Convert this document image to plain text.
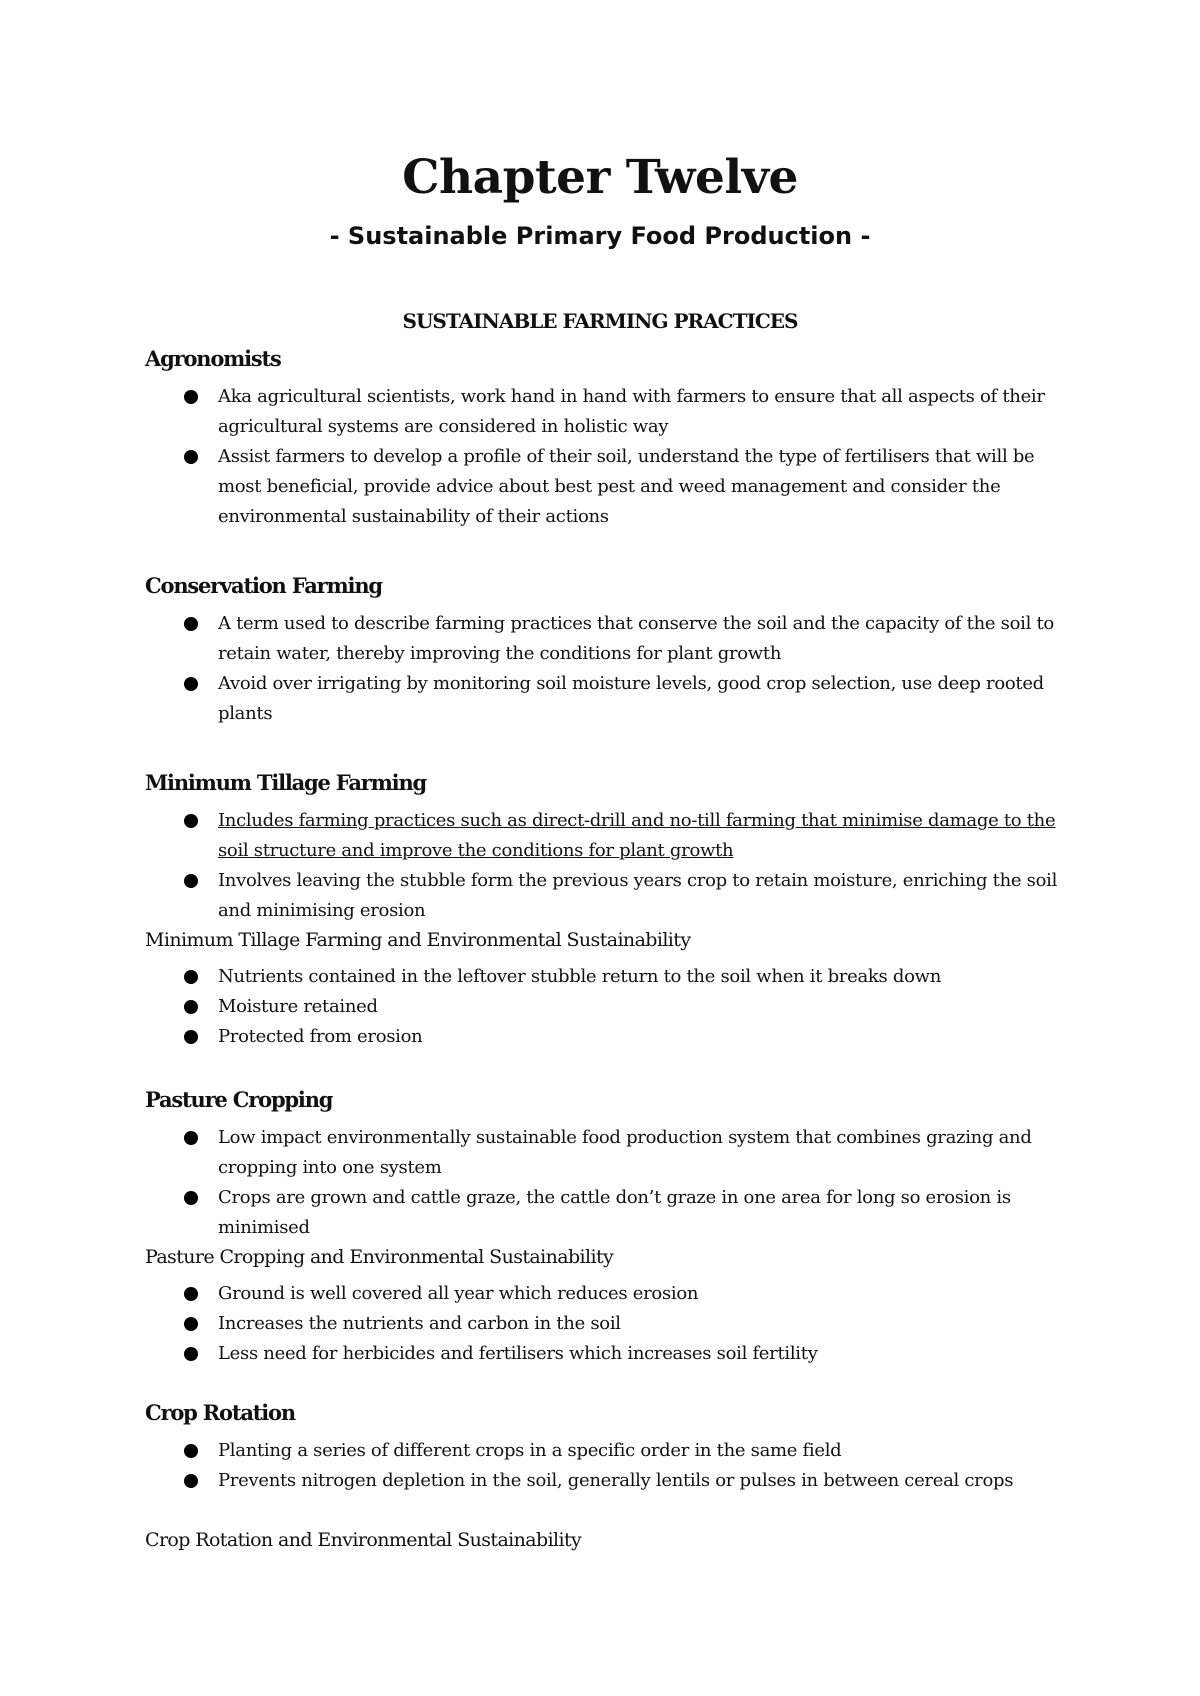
Chapter Twelve
- Sustainable Primary Food Production -
SUSTAINABLE FARMING PRACTICES
Agronomists
Aka agricultural scientists, work hand in hand with farmers to ensure that all aspects of their agricultural systems are considered in holistic way
Assist farmers to develop a profile of their soil, understand the type of fertilisers that will be most beneficial, provide advice about best pest and weed management and consider the environmental sustainability of their actions
Conservation Farming
A term used to describe farming practices that conserve the soil and the capacity of the soil to retain water, thereby improving the conditions for plant growth
Avoid over irrigating by monitoring soil moisture levels, good crop selection, use deep rooted plants
Minimum Tillage Farming
Includes farming practices such as direct-drill and no-till farming that minimise damage to the soil structure and improve the conditions for plant growth
Involves leaving the stubble form the previous years crop to retain moisture, enriching the soil and minimising erosion
Minimum Tillage Farming and Environmental Sustainability
Nutrients contained in the leftover stubble return to the soil when it breaks down
Moisture retained
Protected from erosion
Pasture Cropping
Low impact environmentally sustainable food production system that combines grazing and cropping into one system
Crops are grown and cattle graze, the cattle don’t graze in one area for long so erosion is minimised
Pasture Cropping and Environmental Sustainability
Ground is well covered all year which reduces erosion
Increases the nutrients and carbon in the soil
Less need for herbicides and fertilisers which increases soil fertility
Crop Rotation
Planting a series of different crops in a specific order in the same field
Prevents nitrogen depletion in the soil, generally lentils or pulses in between cereal crops
Crop Rotation and Environmental Sustainability
